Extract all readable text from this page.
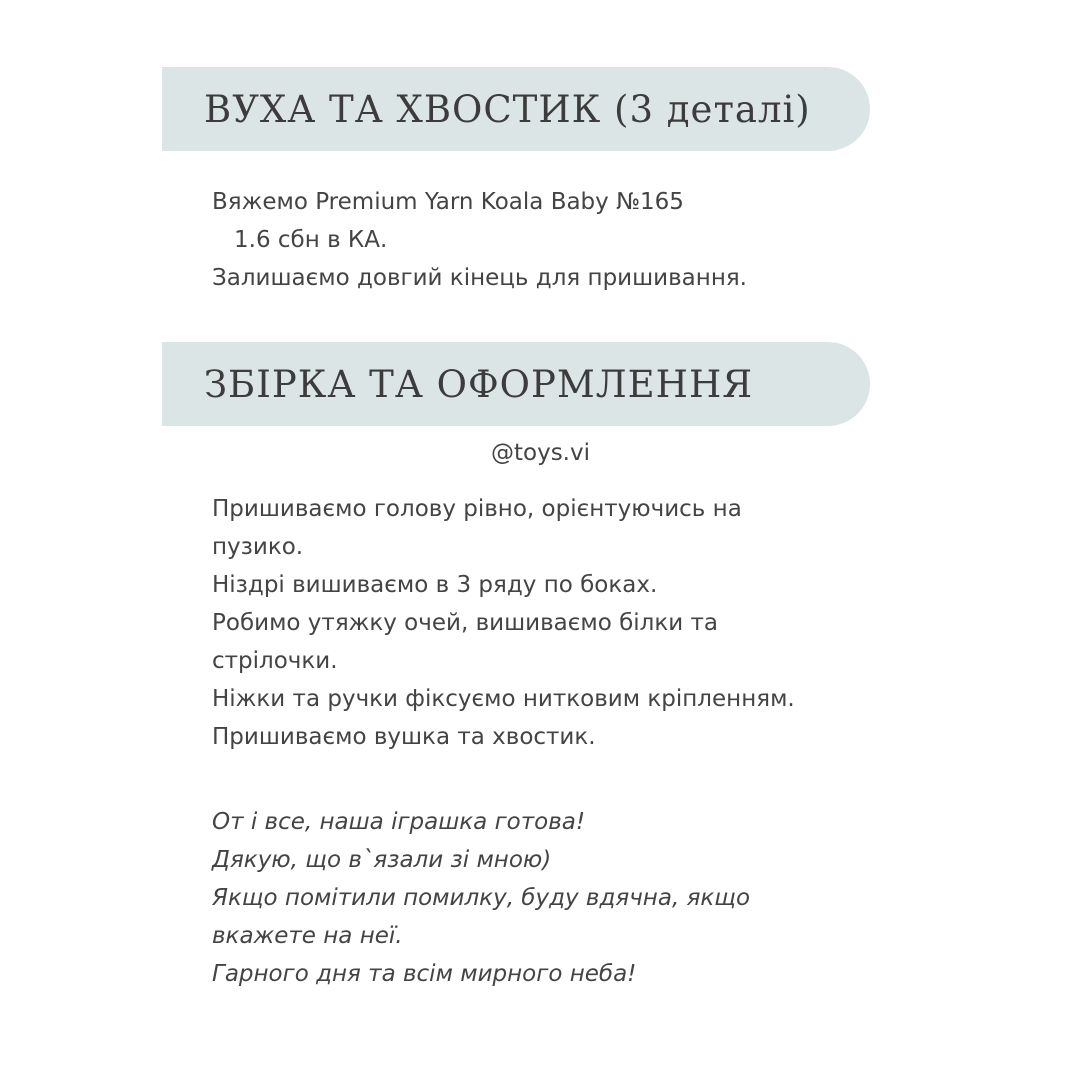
ВУХА ТА ХВОСТИК (3 деталі)
Вяжемо Premium Yarn Koala Baby №165
1.6 сбн в КА.
Залишаємо довгий кінець для пришивання.
ЗБІРКА ТА ОФОРМЛЕННЯ
@toys.vi
Пришиваємо голову рівно, орієнтуючись на
пузико.
Ніздрі вишиваємо в 3 ряду по боках.
Робимо утяжку очей, вишиваємо білки та
стрілочки.
Ніжки та ручки фіксуємо нитковим кріпленням.
Пришиваємо вушка та хвостик.
От і все, наша іграшка готова!
Дякую, що в`язали зі мною)
Якщо помітили помилку, буду вдячна, якщо
вкажете на неї.
Гарного дня та всім мирного неба!
